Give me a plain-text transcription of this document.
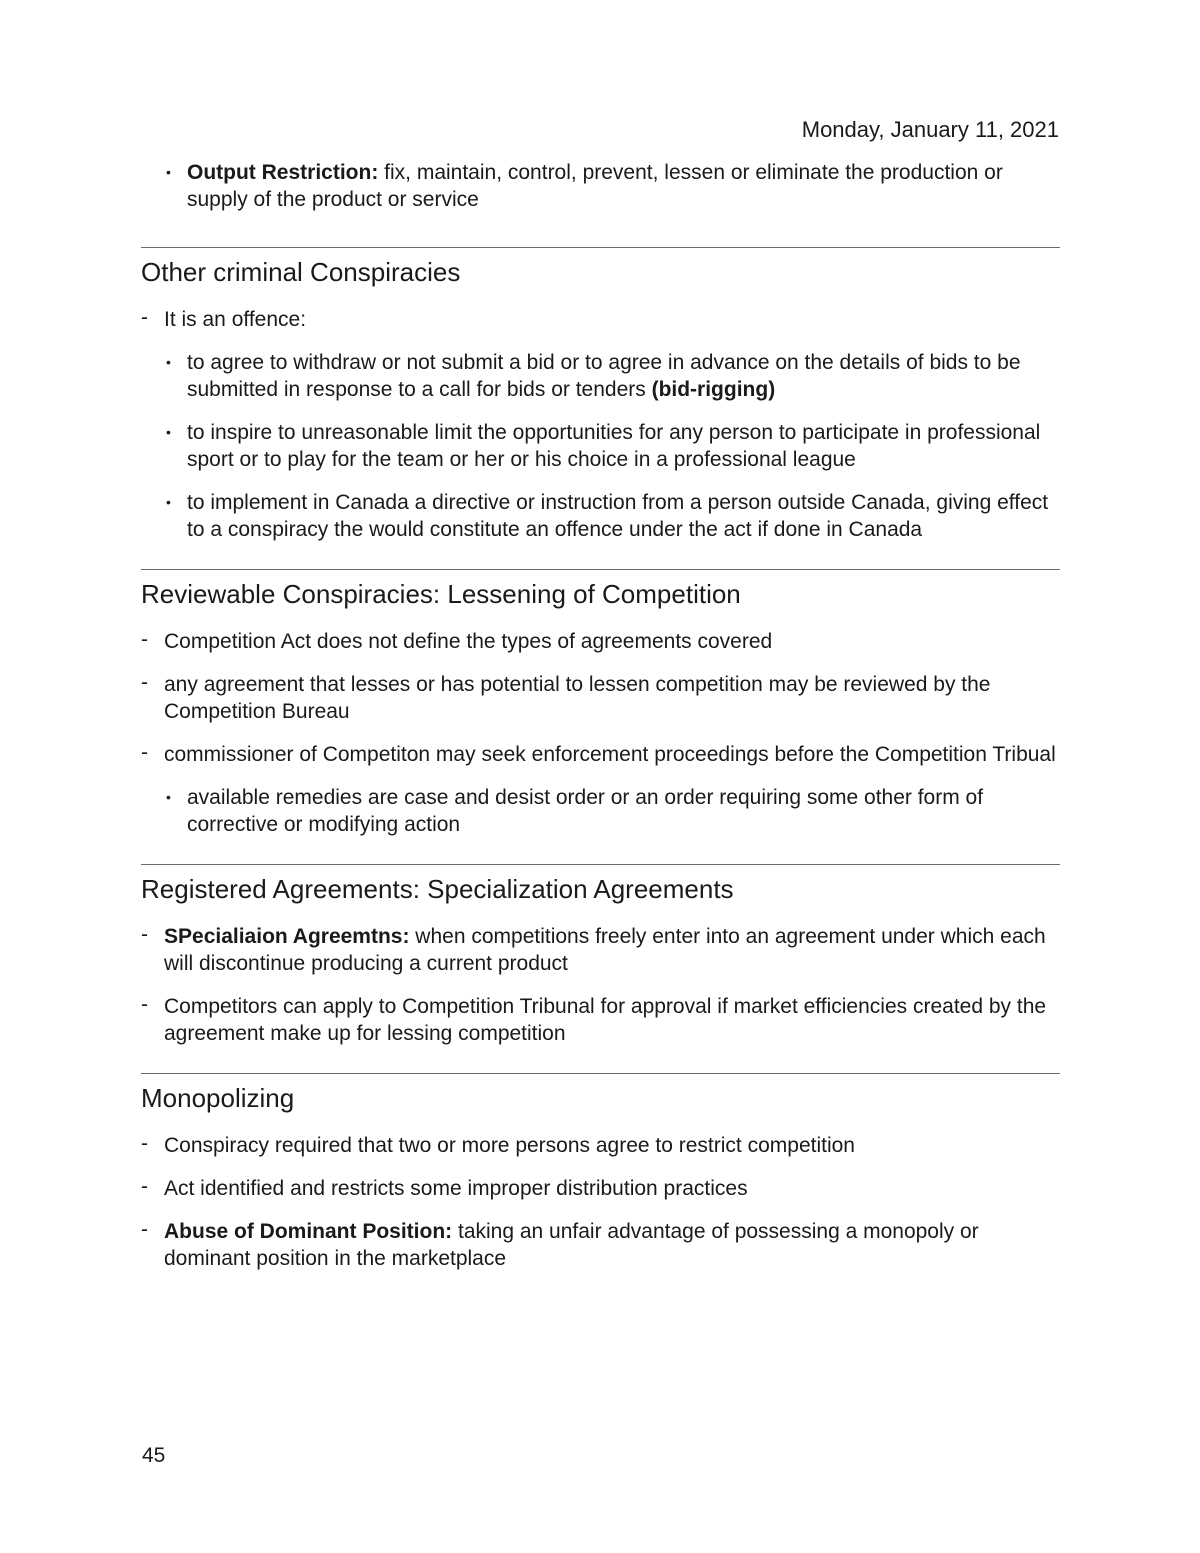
Monday, January 11, 2021
• Output Restriction: fix, maintain, control, prevent, lessen or eliminate the production or supply of the product or service
Other criminal Conspiracies
- It is an offence:
• to agree to withdraw or not submit a bid or to agree in advance on the details of bids to be submitted in response to a call for bids or tenders (bid-rigging)
• to inspire to unreasonable limit the opportunities for any person to participate in professional sport or to play for the team or her or his choice in a professional league
• to implement in Canada a directive or instruction from a person outside Canada, giving effect to a conspiracy the would constitute an offence under the act if done in Canada
Reviewable Conspiracies: Lessening of Competition
- Competition Act does not define the types of agreements covered
- any agreement that lesses or has potential to lessen competition may be reviewed by the Competition Bureau
- commissioner of Competiton may seek enforcement proceedings before the Competition Tribual
• available remedies are case and desist order or an order requiring some other form of corrective or modifying action
Registered Agreements: Specialization Agreements
- SPecialiaion Agreemtns: when competitions freely enter into an agreement under which each will discontinue producing a current product
- Competitors can apply to Competition Tribunal for approval if market efficiencies created by the agreement make up for lessing competition
Monopolizing
- Conspiracy required that two or more persons agree to restrict competition
- Act identified and restricts some improper distribution practices
- Abuse of Dominant Position: taking an unfair advantage of possessing a monopoly or dominant position in the marketplace
45
